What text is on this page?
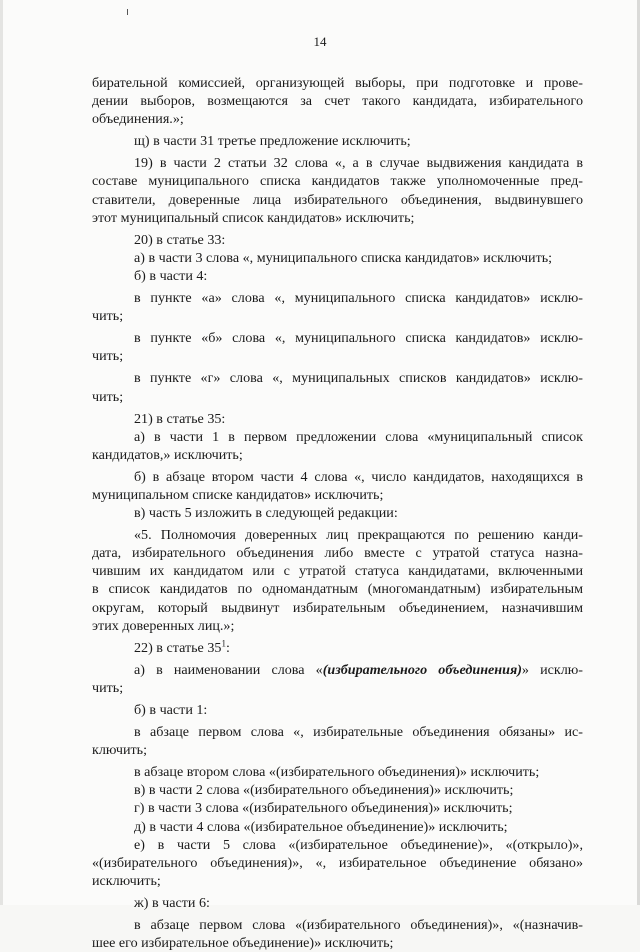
14
бирательной комиссией, организующей выборы, при подготовке и прове-
дении выборов, возмещаются за счет такого кандидата, избирательного
объединения.»;
щ) в части 31 третье предложение исключить;
19) в части 2 статьи 32 слова «, а в случае выдвижения кандидата в
составе муниципального списка кандидатов также уполномоченные пред-
ставители, доверенные лица избирательного объединения, выдвинувшего
этот муниципальный список кандидатов» исключить;
20) в статье 33:
а) в части 3 слова «, муниципального списка кандидатов» исключить;
б) в части 4:
в пункте «а» слова «, муниципального списка кандидатов» исклю-
чить;
в пункте «б» слова «, муниципального списка кандидатов» исклю-
чить;
в пункте «г» слова «, муниципальных списков кандидатов» исклю-
чить;
21) в статье 35:
а) в части 1 в первом предложении слова «муниципальный список
кандидатов,» исключить;
б) в абзаце втором части 4 слова «, число кандидатов, находящихся в
муниципальном списке кандидатов» исключить;
в) часть 5 изложить в следующей редакции:
«5. Полномочия доверенных лиц прекращаются по решению канди-
дата, избирательного объединения либо вместе с утратой статуса назна-
чившим их кандидатом или с утратой статуса кандидатами, включенными
в список кандидатов по одномандатным (многомандатным) избирательным
округам, который выдвинут избирательным объединением, назначившим
этих доверенных лиц.»;
22) в статье $35^1$:
а) в наименовании слова «(избирательного объединения)» исклю-
чить;
б) в части 1:
в абзаце первом слова «, избирательные объединения обязаны» ис-
ключить;
в абзаце втором слова «(избирательного объединения)» исключить;
в) в части 2 слова «(избирательного объединения)» исключить;
г) в части 3 слова «(избирательного объединения)» исключить;
д) в части 4 слова «(избирательное объединение)» исключить;
е) в части 5 слова «(избирательное объединение)», «(открыло)»,
«(избирательного объединения)», «, избирательное объединение обязано»
исключить;
ж) в части 6:
в абзаце первом слова «(избирательного объединения)», «(назначив-
шее его избирательное объединение)» исключить;
